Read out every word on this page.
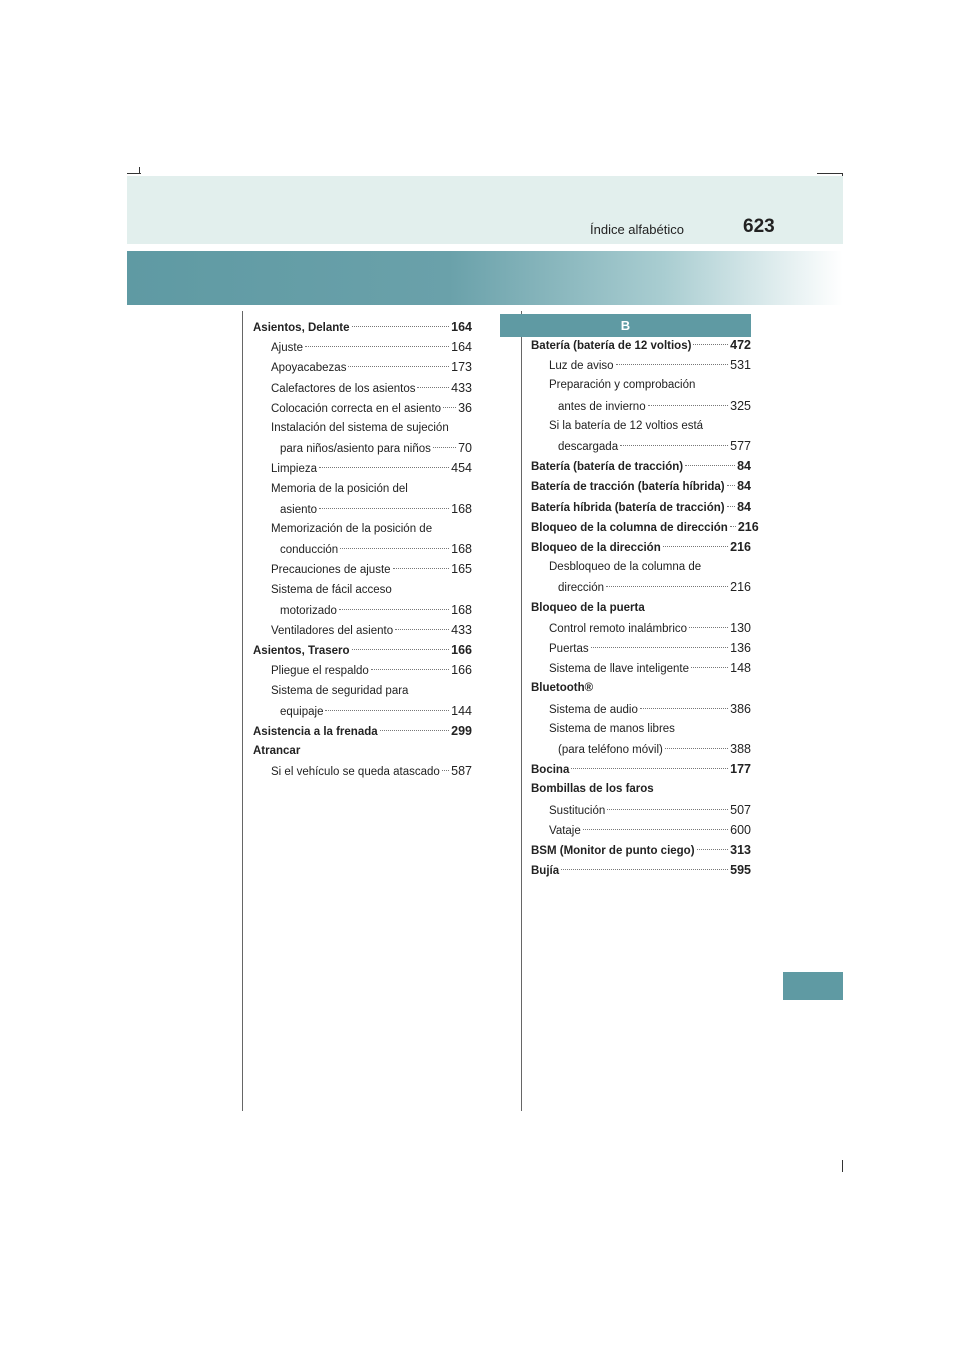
Índice alfabético	623
B
Asientos, Delante	164
Ajuste	164
Apoyacabezas	173
Calefactores de los asientos	433
Colocación correcta en el asiento 36
Instalación del sistema de sujeción
para niños/asiento para niños 70
Limpieza	454
Memoria de la posición del
asiento	168
Memorización de la posición de
conducción	168
Precauciones de ajuste	165
Sistema de fácil acceso
motorizado	168
Ventiladores del asiento	433
Asientos, Trasero	166
Pliegue el respaldo	166
Sistema de seguridad para
equipaje	144
Asistencia a la frenada	299
Atrancar
Si el vehículo se queda atascado 587
Batería (batería de 12 voltios)	472
Luz de aviso	531
Preparación y comprobación
antes de invierno	325
Si la batería de 12 voltios está
descargada	577
Batería (batería de tracción)	84
Batería de tracción (batería híbrida) 84
Batería híbrida (batería de tracción) 84
Bloqueo de la columna de dirección 216
Bloqueo de la dirección	216
Desbloqueo de la columna de
dirección	216
Bloqueo de la puerta
Control remoto inalámbrico	130
Puertas	136
Sistema de llave inteligente	148
Bluetooth®
Sistema de audio	386
Sistema de manos libres
(para teléfono móvil)	388
Bocina	177
Bombillas de los faros
Sustitución	507
Vataje	600
BSM (Monitor de punto ciego)	313
Bujía	595
